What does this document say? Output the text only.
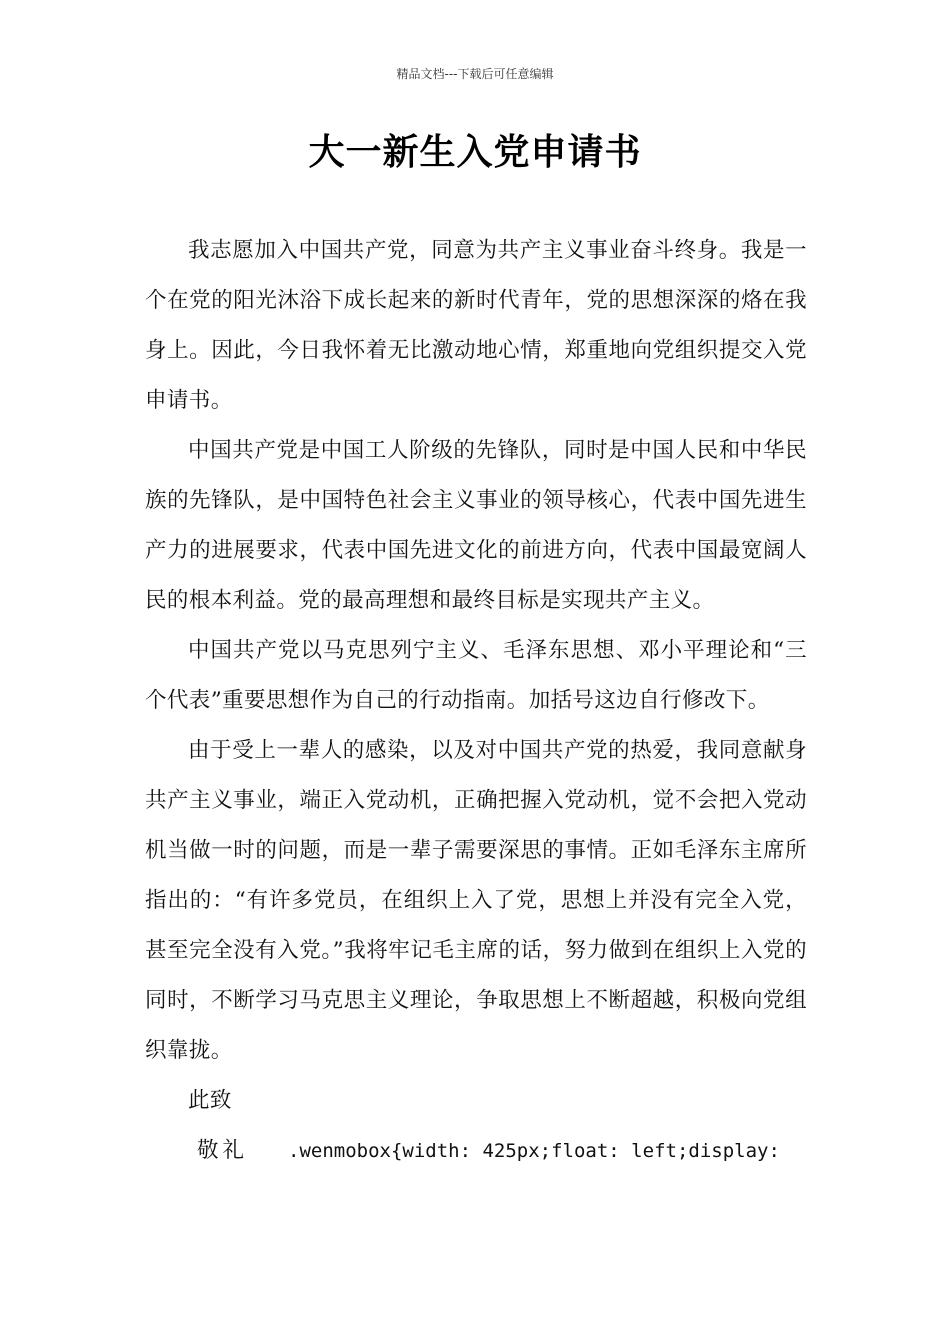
精品文档---下载后可任意编辑
大一新生入党申请书

我志愿加入中国共产党，同意为共产主义事业奋斗终身。我是一个在党的阳光沐浴下成长起来的新时代青年，党的思想深深的烙在我身上。因此，今日我怀着无比激动地心情，郑重地向党组织提交入党申请书。

中国共产党是中国工人阶级的先锋队，同时是中国人民和中华民族的先锋队，是中国特色社会主义事业的领导核心，代表中国先进生产力的进展要求，代表中国先进文化的前进方向，代表中国最宽阔人民的根本利益。党的最高理想和最终目标是实现共产主义。

中国共产党以马克思列宁主义、毛泽东思想、邓小平理论和“三个代表”重要思想作为自己的行动指南。加括号这边自行修改下。

由于受上一辈人的感染，以及对中国共产党的热爱，我同意献身共产主义事业，端正入党动机，正确把握入党动机，觉不会把入党动机当做一时的问题，而是一辈子需要深思的事情。正如毛泽东主席所指出的：“有许多党员，在组织上入了党，思想上并没有完全入党，甚至完全没有入党。”我将牢记毛主席的话，努力做到在组织上入党的同时，不断学习马克思主义理论，争取思想上不断超越，积极向党组织靠拢。

此致

敬礼 .wenmobox{width: 425px;float: left;display:
